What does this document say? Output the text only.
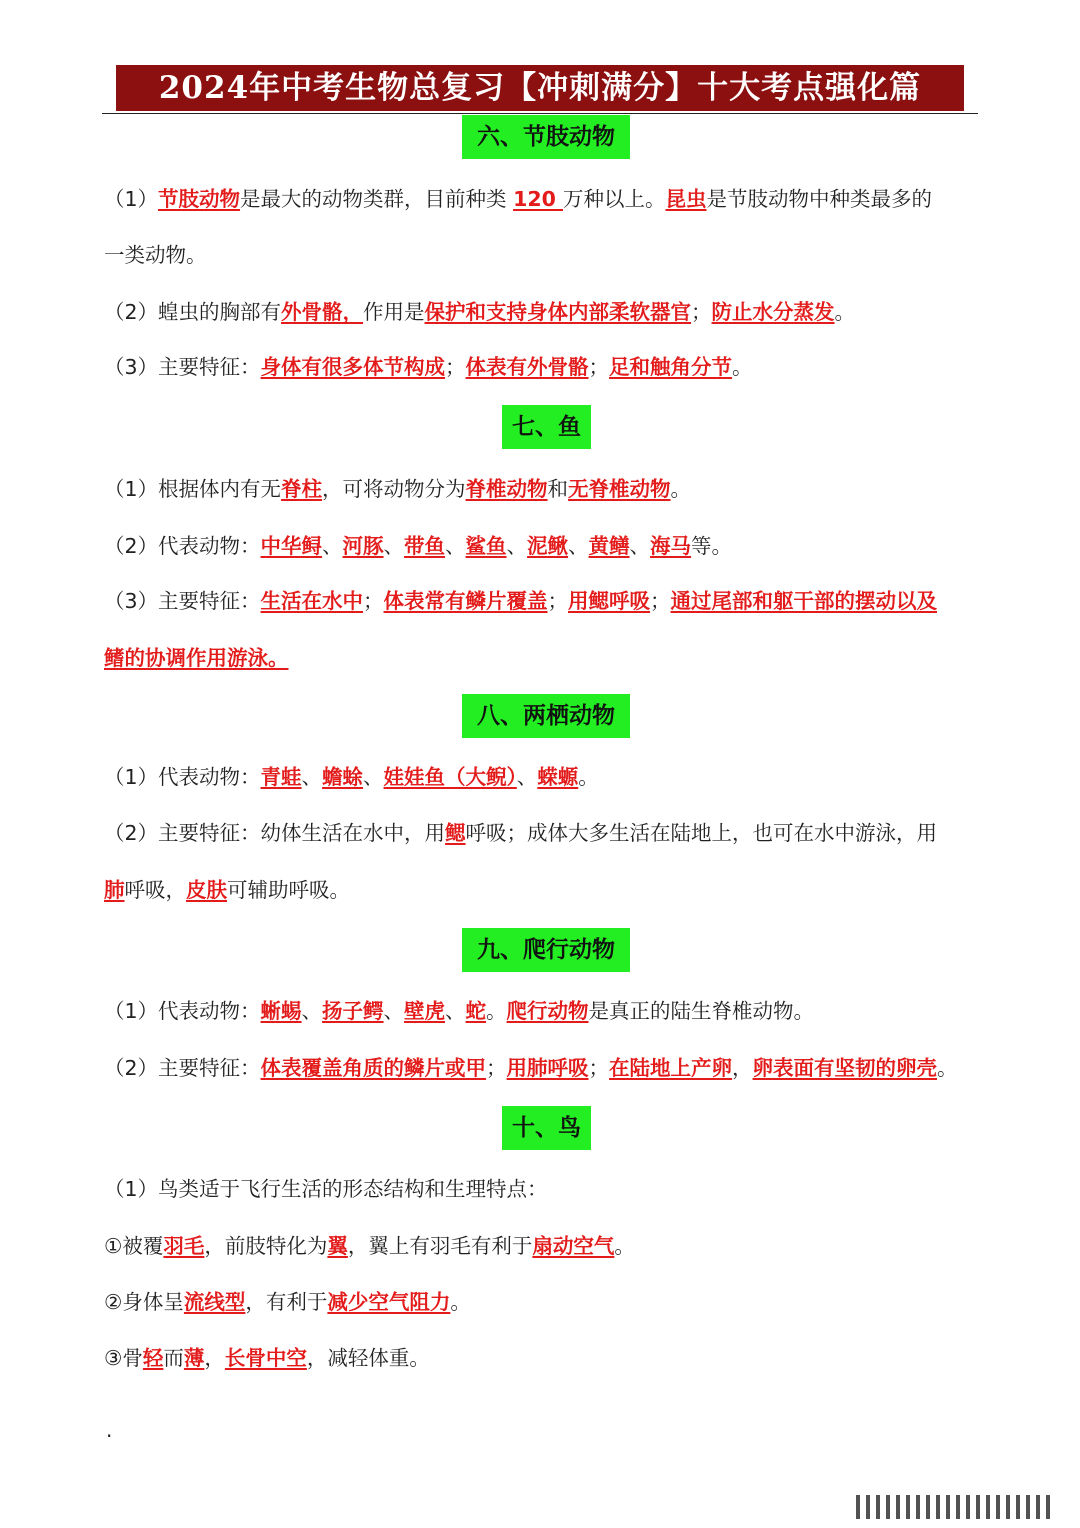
2024年中考生物总复习【冲刺满分】十大考点强化篇
六、节肢动物
（1）节肢动物是最大的动物类群，目前种类 120 万种以上。昆虫是节肢动物中种类最多的
一类动物。
（2）蝗虫的胸部有外骨骼，作用是保护和支持身体内部柔软器官；防止水分蒸发。
（3）主要特征：身体有很多体节构成；体表有外骨骼；足和触角分节。
七、鱼
（1）根据体内有无脊柱，可将动物分为脊椎动物和无脊椎动物。
（2）代表动物：中华鲟、河豚、带鱼、鲨鱼、泥鳅、黄鳝、海马等。
（3）主要特征：生活在水中；体表常有鳞片覆盖；用鳃呼吸；通过尾部和躯干部的摆动以及
鳍的协调作用游泳。
八、两栖动物
（1）代表动物：青蛙、蟾蜍、娃娃鱼（大鲵）、蝾螈。
（2）主要特征：幼体生活在水中，用鳃呼吸；成体大多生活在陆地上，也可在水中游泳，用
肺呼吸，皮肤可辅助呼吸。
九、爬行动物
（1）代表动物：蜥蜴、扬子鳄、壁虎、蛇。爬行动物是真正的陆生脊椎动物。
（2）主要特征：体表覆盖角质的鳞片或甲；用肺呼吸；在陆地上产卵，卵表面有坚韧的卵壳。
十、鸟
（1）鸟类适于飞行生活的形态结构和生理特点：
①被覆羽毛，前肢特化为翼，翼上有羽毛有利于扇动空气。
②身体呈流线型，有利于减少空气阻力。
③骨轻而薄，长骨中空，减轻体重。
.
